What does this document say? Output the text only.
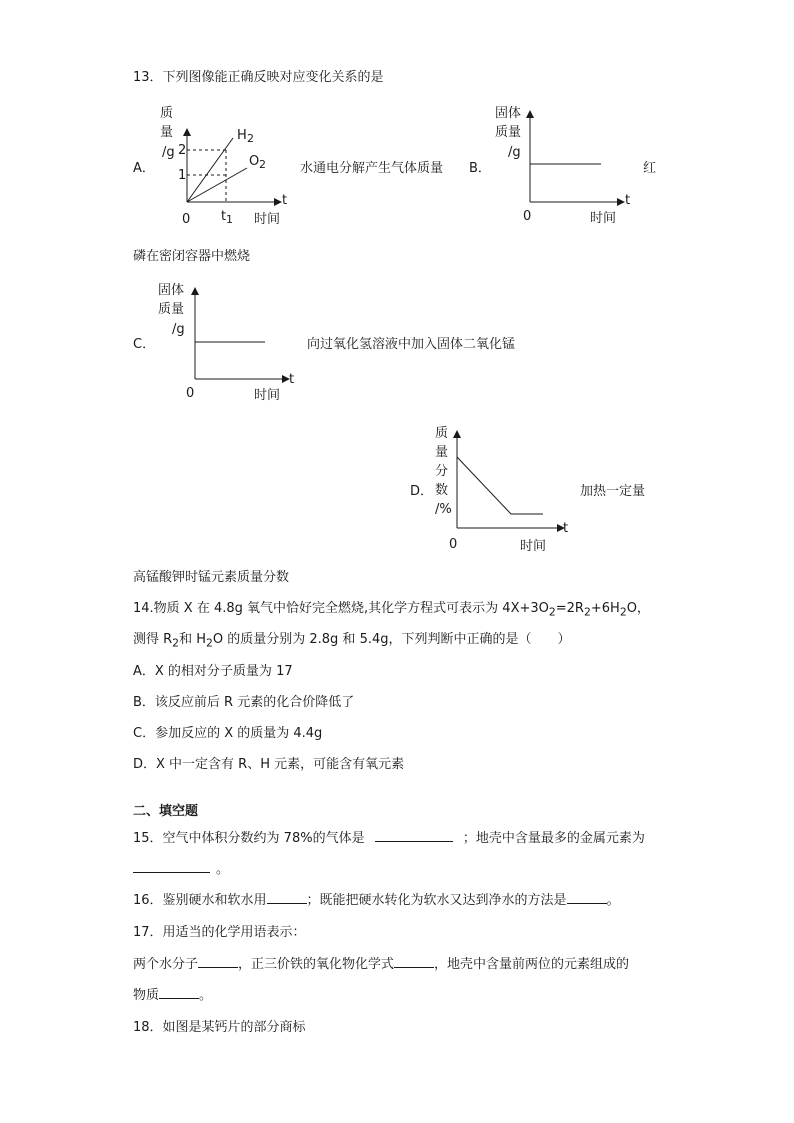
13．下列图像能正确反映对应变化关系的是
A．
质
量
/g 2
1
0
t
t 1 时间
H 2
O 2	水通电分解产生气体质量 B．
固体
质量
/g
0
t
时间
红
磷在密闭容器中燃烧
C．
固体
质量
/g
0
t
时间
向过氧化氢溶液中加入固体二氧化锰
D．
质
量
分
数
/%
0
t
时间
加热一定量
高锰酸钾时锰元素质量分数
14.物质 X 在 4.8g 氧气中恰好完全燃烧,其化学方程式可表示为 $4X+3O_2=2R_2+6H_2O$，
测得 $R_2$和 $H_2O$ 的质量分别为 2.8g 和 5.4g，下列判断中正确的是（　　）
A．X 的相对分子质量为 17
B．该反应前后 R 元素的化合价降低了
C．参加反应的 X 的质量为 4.4g
D．X 中一定含有 R、H 元素，可能含有氧元素
二、填空题
15．空气中体积分数约为 78%的气体是	；地壳中含量最多的金属元素为
。
16．鉴别硬水和软水用	；既能把硬水转化为软水又达到净水的方法是	。
17．用适当的化学用语表示：
两个水分子	，正三价铁的氧化物化学式	，地壳中含量前两位的元素组成的
物质	。
18．如图是某钙片的部分商标
